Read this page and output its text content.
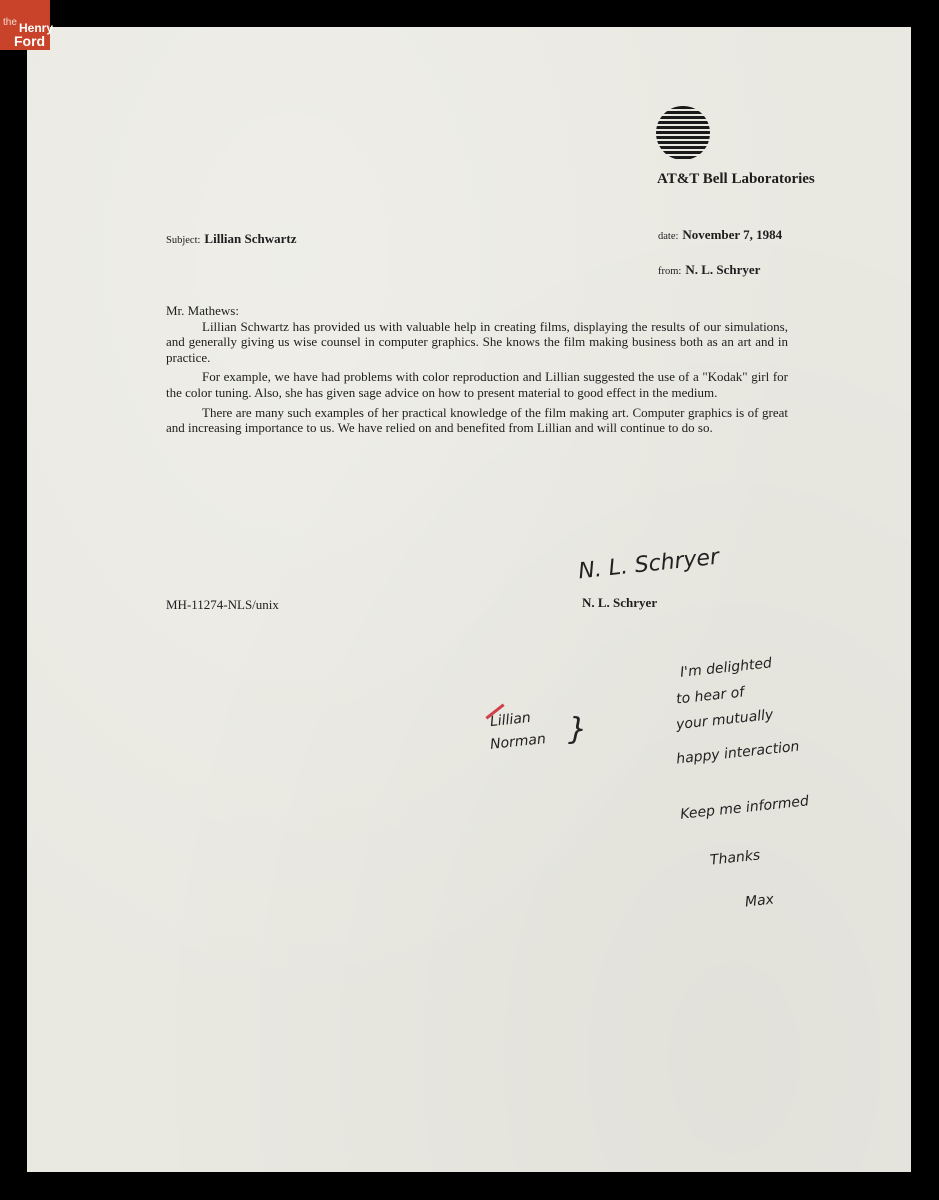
the Henry
Ford
AT&T Bell Laboratories
Subject: Lillian Schwartz	date: November 7, 1984
from: N. L. Schryer

Mr. Mathews:

Lillian Schwartz has provided us with valuable help in creating films, displaying the results of our simulations, and generally giving us wise counsel in computer graphics. She knows the film making business both as an art and in practice.

For example, we have had problems with color reproduction and Lillian suggested the use of a "Kodak" girl for the color tuning. Also, she has given sage advice on how to present material to good effect in the medium.

There are many such examples of her practical knowledge of the film making art. Computer graphics is of great and increasing importance to us. We have relied on and benefited from Lillian and will continue to do so.

MH-11274-NLS/unix
N. L. Schryer
N. L. Schryer
Lillian
Norman }
I'm delighted
to hear of
your mutually
happy interaction
Keep me informed
Thanks
Max
